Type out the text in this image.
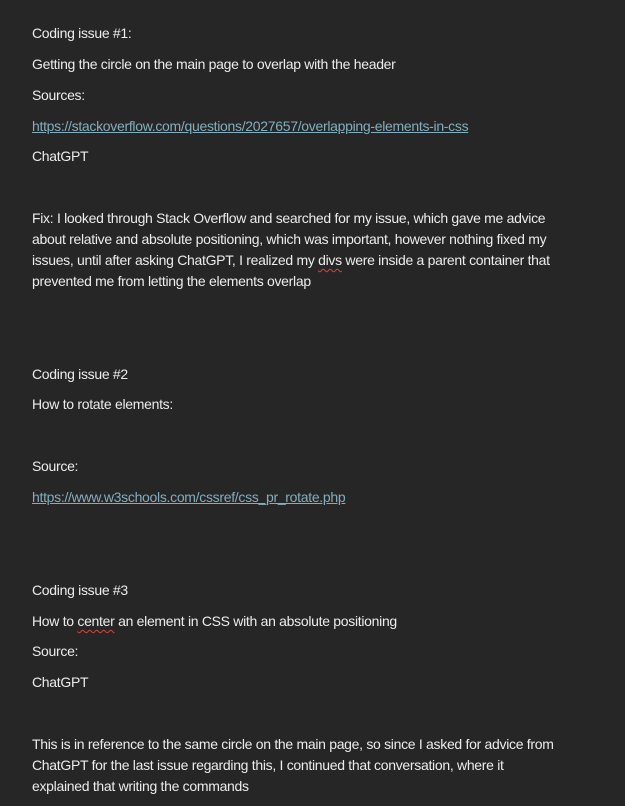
Coding issue #1:
Getting the circle on the main page to overlap with the header
Sources:
https://stackoverflow.com/questions/2027657/overlapping-elements-in-css
ChatGPT
Fix: I looked through Stack Overflow and searched for my issue, which gave me advice
about relative and absolute positioning, which was important, however nothing fixed my
issues, until after asking ChatGPT, I realized my divs were inside a parent container that
prevented me from letting the elements overlap
Coding issue #2
How to rotate elements:
Source:
https://www.w3schools.com/cssref/css_pr_rotate.php
Coding issue #3
How to center an element in CSS with an absolute positioning
Source:
ChatGPT
This is in reference to the same circle on the main page, so since I asked for advice from
ChatGPT for the last issue regarding this, I continued that conversation, where it
explained that writing the commands
